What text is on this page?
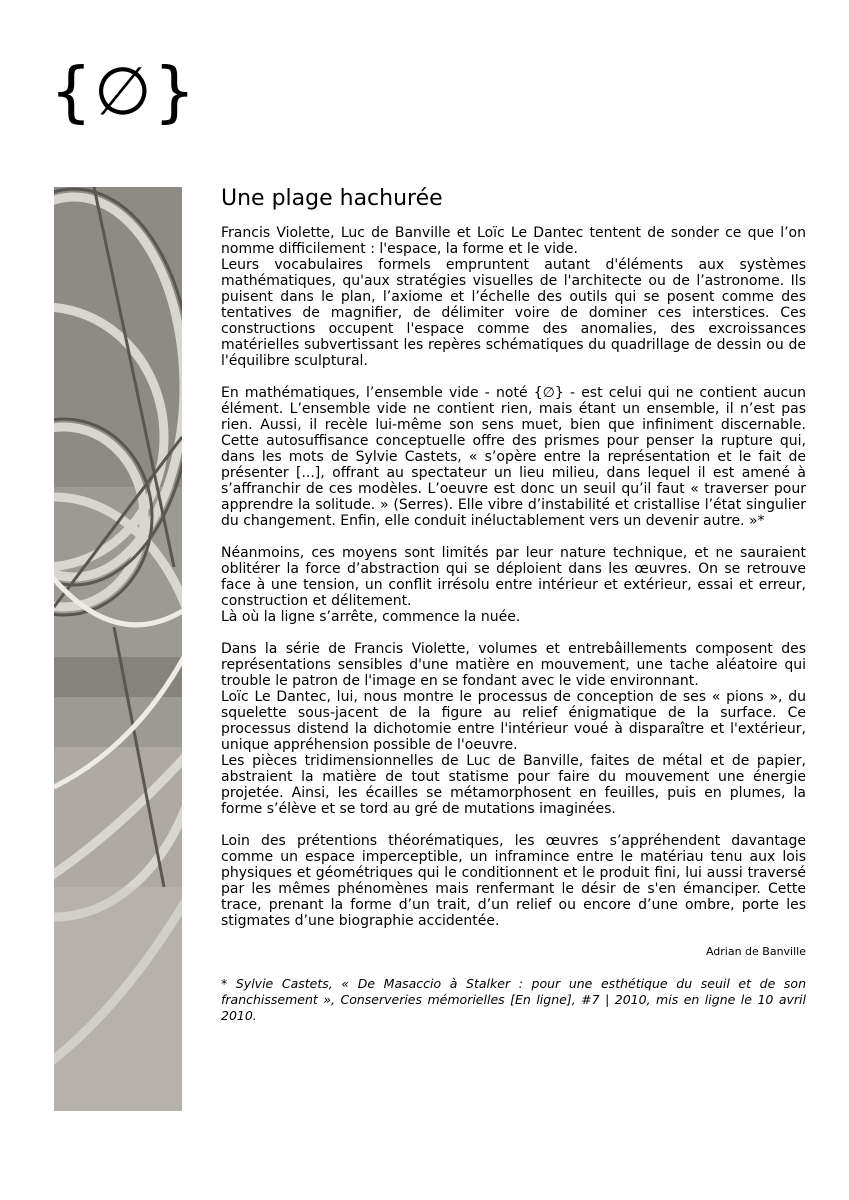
{∅}
Une plage hachurée
Francis Violette, Luc de Banville et Loïc Le Dantec tentent de sonder ce que l’on nomme difficilement : l'espace, la forme et le vide.
Leurs vocabulaires formels empruntent autant d'éléments aux systèmes mathématiques, qu'aux stratégies visuelles de l'architecte ou de l’astronome. Ils puisent dans le plan, l’axiome et l’échelle des outils qui se posent comme des tentatives de magnifier, de délimiter voire de dominer ces interstices. Ces constructions occupent l'espace comme des anomalies, des excroissances matérielles subvertissant les repères schématiques du quadrillage de dessin ou de l'équilibre sculptural.
En mathématiques, l’ensemble vide - noté {∅} - est celui qui ne contient aucun élément. L’ensemble vide ne contient rien, mais étant un ensemble, il n’est pas rien. Aussi, il recèle lui-même son sens muet, bien que infiniment discernable. Cette autosuffisance conceptuelle offre des prismes pour penser la rupture qui, dans les mots de Sylvie Castets, « s’opère entre la représentation et le fait de présenter [...], offrant au spectateur un lieu milieu, dans lequel il est amené à s’affranchir de ces modèles. L’oeuvre est donc un seuil qu’il faut « traverser pour apprendre la solitude. » (Serres). Elle vibre d’instabilité et cristallise l’état singulier du changement. Enfin, elle conduit inéluctablement vers un devenir autre. »*
Néanmoins, ces moyens sont limités par leur nature technique, et ne sauraient oblitérer la force d’abstraction qui se déploient dans les œuvres. On se retrouve face à une tension, un conflit irrésolu entre intérieur et extérieur, essai et erreur, construction et délitement.
Là où la ligne s’arrête, commence la nuée.
Dans la série de Francis Violette, volumes et entrebâillements composent des représentations sensibles d'une matière en mouvement, une tache aléatoire qui trouble le patron de l'image en se fondant avec le vide environnant.
Loïc Le Dantec, lui, nous montre le processus de conception de ses « pions », du squelette sous-jacent de la figure au relief énigmatique de la surface. Ce processus distend la dichotomie entre l'intérieur voué à disparaître et l'extérieur, unique appréhension possible de l'oeuvre.
Les pièces tridimensionnelles de Luc de Banville, faites de métal et de papier, abstraient la matière de tout statisme pour faire du mouvement une énergie projetée. Ainsi, les écailles se métamorphosent en feuilles, puis en plumes, la forme s’élève et se tord au gré de mutations imaginées.
Loin des prétentions théorématiques, les œuvres s’appréhendent davantage comme un espace imperceptible, un inframince entre le matériau tenu aux lois physiques et géométriques qui le conditionnent et le produit fini, lui aussi traversé par les mêmes phénomènes mais renfermant le désir de s'en émanciper. Cette trace, prenant la forme d’un trait, d’un relief ou encore d’une ombre, porte les stigmates d’une biographie accidentée.
Adrian de Banville
* Sylvie Castets, « De Masaccio à Stalker : pour une esthétique du seuil et de son franchissement », Conserveries mémorielles [En ligne], #7 | 2010, mis en ligne le 10 avril 2010.
